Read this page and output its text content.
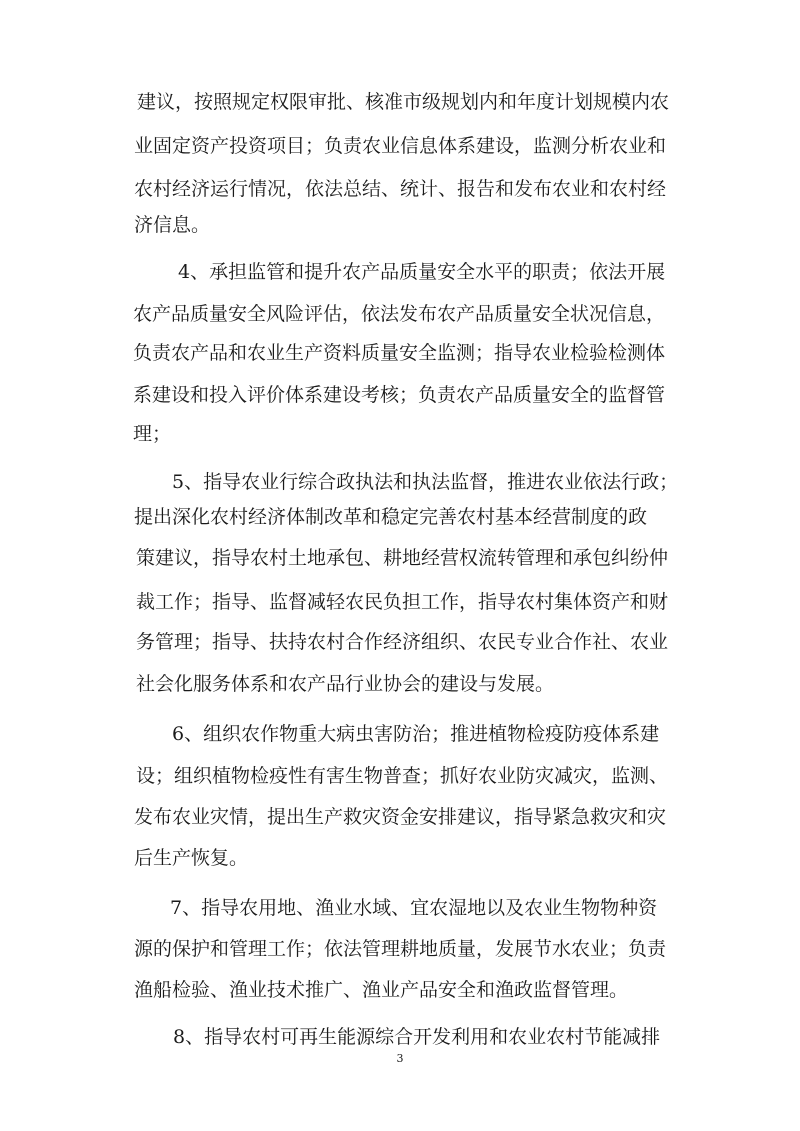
建议，按照规定权限审批、核准市级规划内和年度计划规模内农
业固定资产投资项目；负责农业信息体系建设，监测分析农业和
农村经济运行情况，依法总结、统计、报告和发布农业和农村经
济信息。
4、承担监管和提升农产品质量安全水平的职责；依法开展
农产品质量安全风险评估，依法发布农产品质量安全状况信息，
负责农产品和农业生产资料质量安全监测；指导农业检验检测体
系建设和投入评价体系建设考核；负责农产品质量安全的监督管
理；
5、指导农业行综合政执法和执法监督，推进农业依法行政；
提出深化农村经济体制改革和稳定完善农村基本经营制度的政
策建议，指导农村土地承包、耕地经营权流转管理和承包纠纷仲
裁工作；指导、监督减轻农民负担工作，指导农村集体资产和财
务管理；指导、扶持农村合作经济组织、农民专业合作社、农业
社会化服务体系和农产品行业协会的建设与发展。
6、组织农作物重大病虫害防治；推进植物检疫防疫体系建
设；组织植物检疫性有害生物普查；抓好农业防灾减灾，监测、
发布农业灾情，提出生产救灾资金安排建议，指导紧急救灾和灾
后生产恢复。
7、指导农用地、渔业水域、宜农湿地以及农业生物物种资
源的保护和管理工作；依法管理耕地质量，发展节水农业；负责
渔船检验、渔业技术推广、渔业产品安全和渔政监督管理。
8、指导农村可再生能源综合开发利用和农业农村节能减排
3
